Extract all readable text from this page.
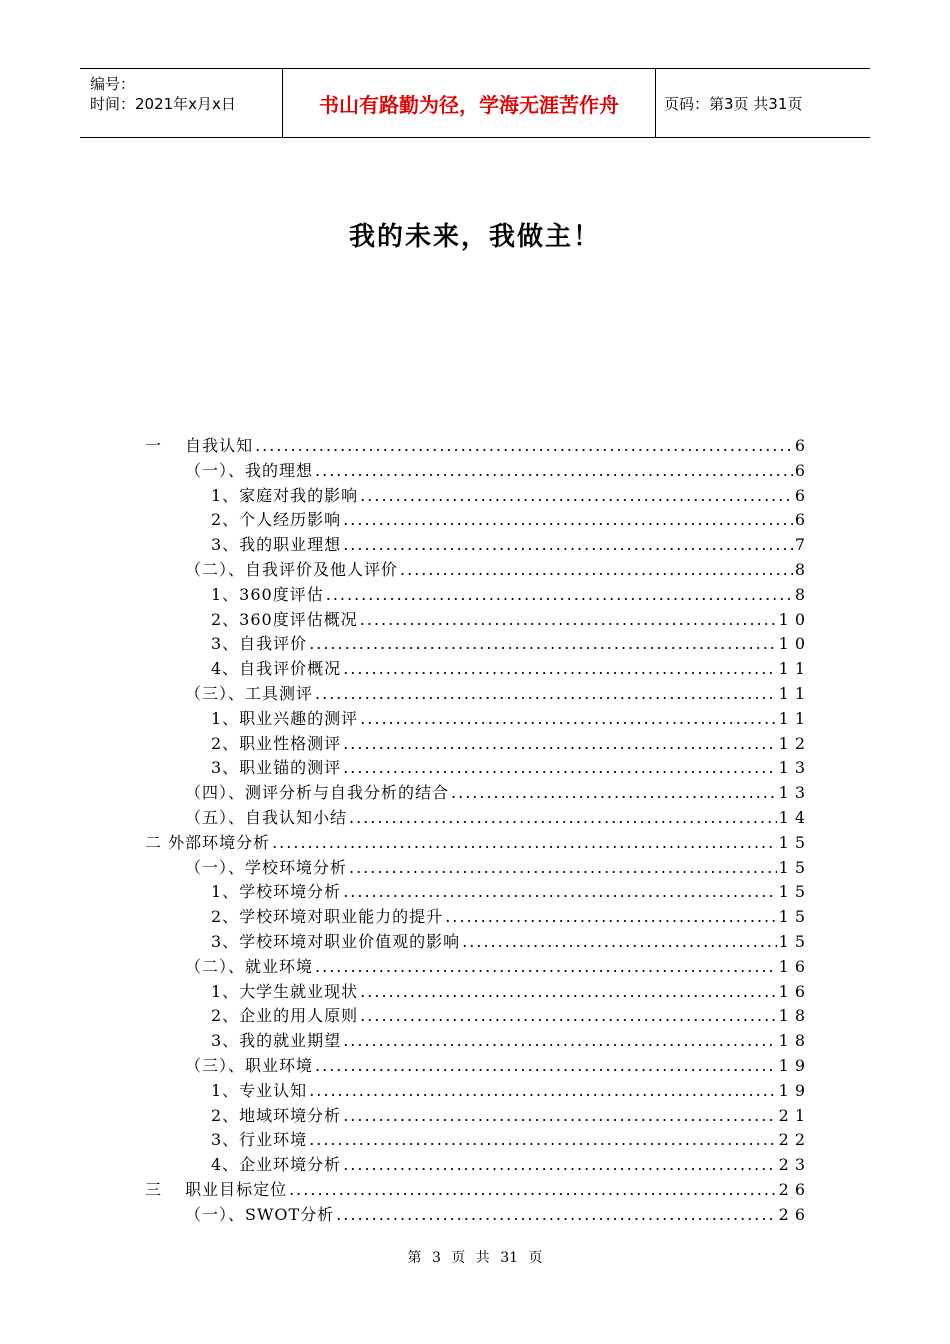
编号：
时间：2021年x月x日	书山有路勤为径，学海无涯苦作舟	页码：第3页 共31页
我的未来，我做主！
一　 自我认知 .....	6
（一）、我的理想 .....	6
1、家庭对我的影响 .....	6
2、个人经历影响 .....	6
3、我的职业理想 .....	7
（二）、自我评价及他人评价 .....	8
1、360度评估 .....	8
2、360度评估概况 .....	10
3、自我评价 .....	10
4、自我评价概况 .....	11
（三）、工具测评 .....	11
1、职业兴趣的测评 .....	11
2、职业性格测评 .....	12
3、职业锚的测评 .....	13
（四）、测评分析与自我分析的结合 .....	13
（五）、自我认知小结 .....	14
二 外部环境分析 .....	15
（一）、学校环境分析 .....	15
1、学校环境分析 .....	15
2、学校环境对职业能力的提升 .....	15
3、学校环境对职业价值观的影响 .....	15
（二）、就业环境 .....	16
1、大学生就业现状 .....	16
2、企业的用人原则 .....	18
3、我的就业期望 .....	18
（三）、职业环境 .....	19
1、专业认知 .....	19
2、地域环境分析 .....	21
3、行业环境 .....	22
4、企业环境分析 .....	23
三　 职业目标定位 .....	26
（一）、SWOT分析 .....	26
第 3 页 共 31 页
